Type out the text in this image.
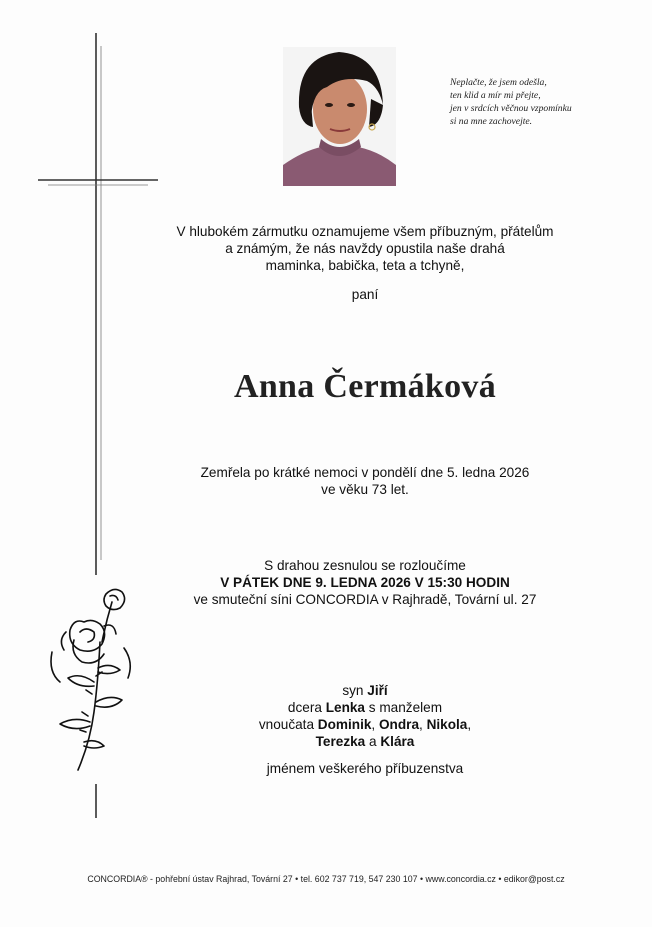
Neplačte, že jsem odešla,
ten klid a mír mi přejte,
jen v srdcích věčnou vzpomínku
si na mne zachovejte.
V hlubokém zármutku oznamujeme všem příbuzným, přátelům
a známým, že nás navždy opustila naše drahá
maminka, babička, teta a tchyně,
paní
Anna Čermáková
Zemřela po krátké nemoci v pondělí dne 5. ledna 2026
ve věku 73 let.
S drahou zesnulou se rozloučíme
V PÁTEK DNE 9. LEDNA 2026 V 15:30 HODIN
ve smuteční síni CONCORDIA v Rajhradě, Tovární ul. 27
syn Jiří
dcera Lenka s manželem
vnoučata Dominik, Ondra, Nikola,
Terezka a Klára
jménem veškerého příbuzenstva
CONCORDIA® - pohřební ústav Rajhrad, Tovární 27 • tel. 602 737 719, 547 230 107 • www.concordia.cz • edikor@post.cz
